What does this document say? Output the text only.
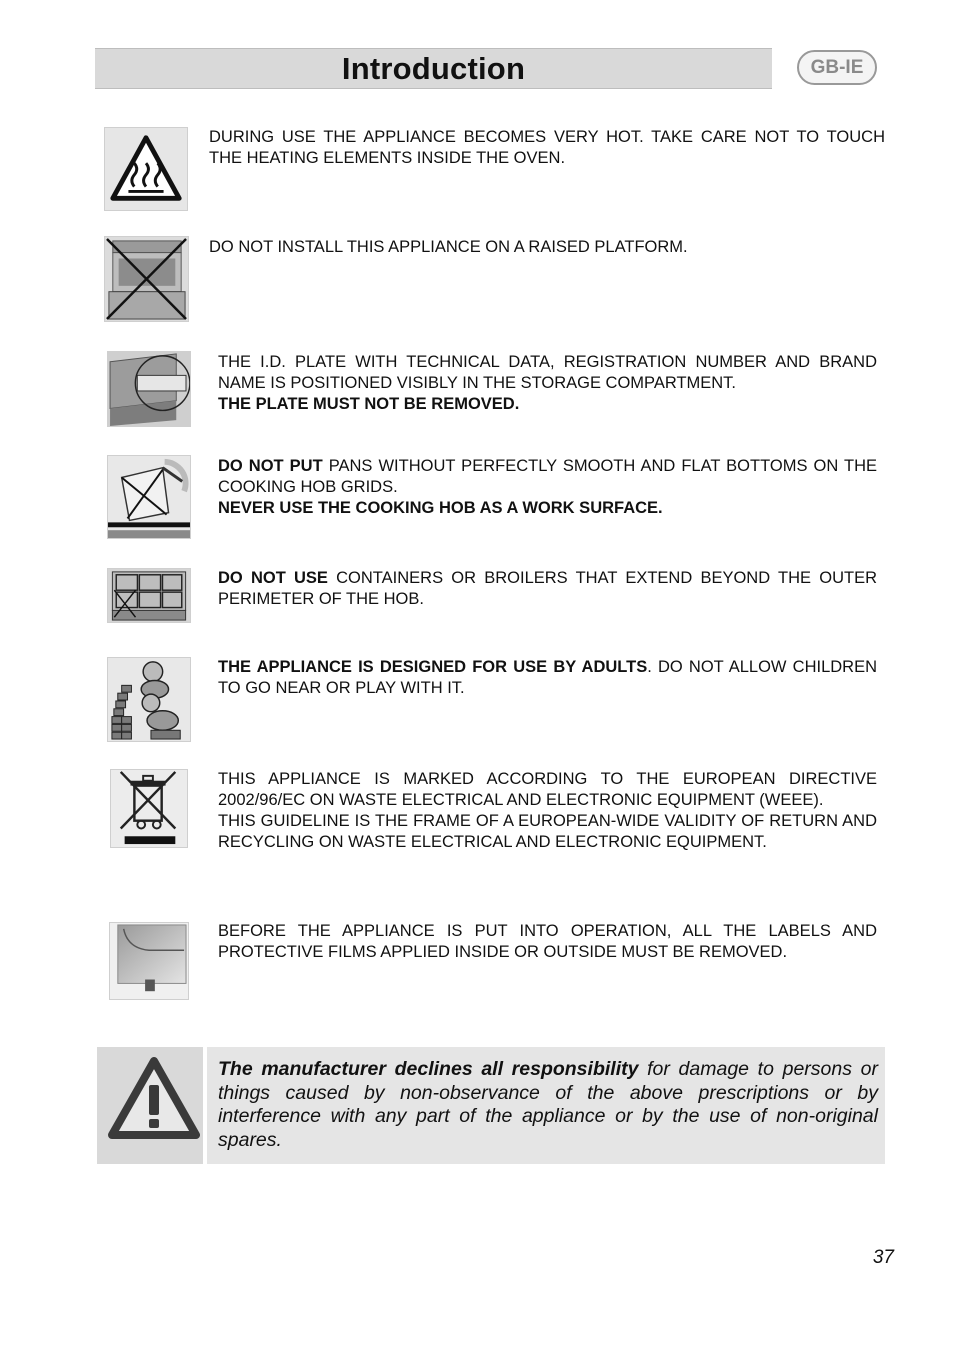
Introduction	GB-IE

DURING USE THE APPLIANCE BECOMES VERY HOT. TAKE CARE NOT TO TOUCH THE HEATING ELEMENTS INSIDE THE OVEN.

DO NOT INSTALL THIS APPLIANCE ON A RAISED PLATFORM.

THE I.D. PLATE WITH TECHNICAL DATA, REGISTRATION NUMBER AND BRAND NAME IS POSITIONED VISIBLY IN THE STORAGE COMPARTMENT.

THE PLATE MUST NOT BE REMOVED.

DO NOT PUT PANS WITHOUT PERFECTLY SMOOTH AND FLAT BOTTOMS ON THE COOKING HOB GRIDS.

NEVER USE THE COOKING HOB AS A WORK SURFACE.

DO NOT USE CONTAINERS OR BROILERS THAT EXTEND BEYOND THE OUTER PERIMETER OF THE HOB.

THE APPLIANCE IS DESIGNED FOR USE BY ADULTS. DO NOT ALLOW CHILDREN TO GO NEAR OR PLAY WITH IT.

THIS APPLIANCE IS MARKED ACCORDING TO THE EUROPEAN DIRECTIVE 2002/96/EC ON WASTE ELECTRICAL AND ELECTRONIC EQUIPMENT (WEEE).

THIS GUIDELINE IS THE FRAME OF A EUROPEAN-WIDE VALIDITY OF RETURN AND RECYCLING ON WASTE ELECTRICAL AND ELECTRONIC EQUIPMENT.

BEFORE THE APPLIANCE IS PUT INTO OPERATION, ALL THE LABELS AND PROTECTIVE FILMS APPLIED INSIDE OR OUTSIDE MUST BE REMOVED.

The manufacturer declines all responsibility for damage to persons or things caused by non-observance of the above prescriptions or by interference with any part of the appliance or by the use of non-original spares.
37
